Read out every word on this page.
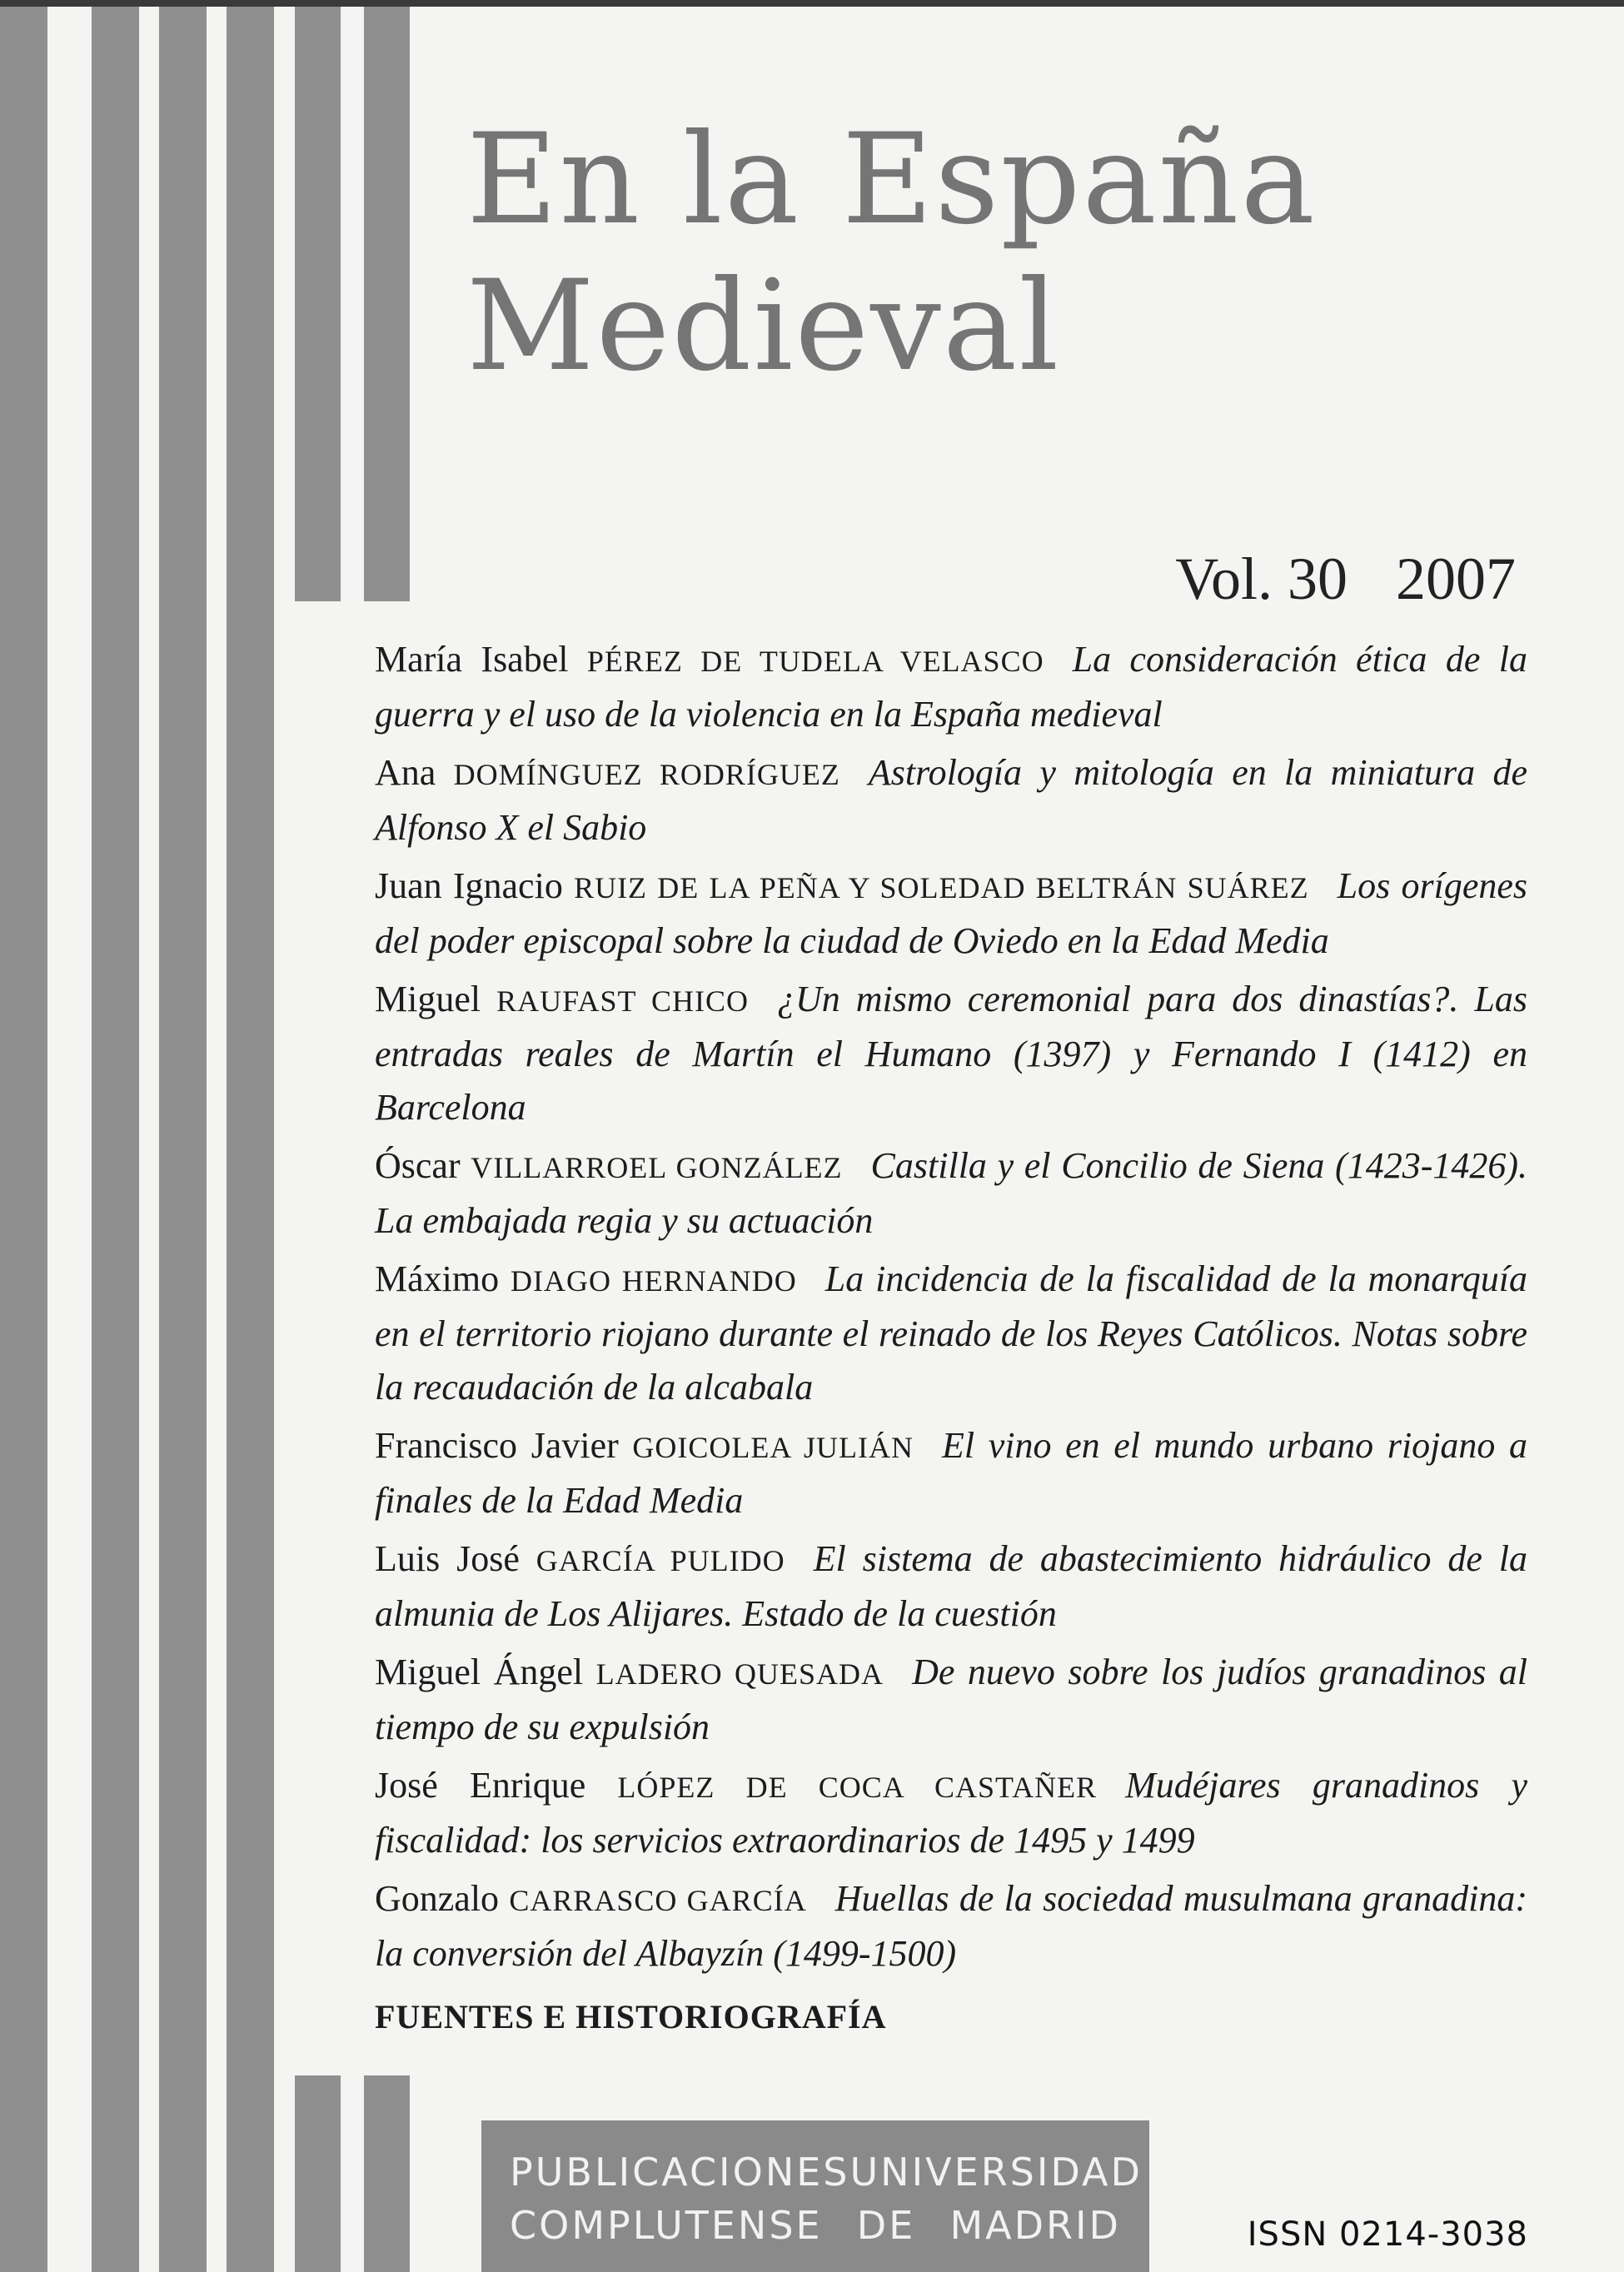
En la España
Medieval
Vol. 30 2007
María Isabel PÉREZ DE TUDELA VELASCO La consideración ética de la guerra y el uso de la violencia en la España medieval
Ana DOMÍNGUEZ RODRÍGUEZ Astrología y mitología en la miniatura de Alfonso X el Sabio
Juan Ignacio RUIZ DE LA PEÑA Y SOLEDAD BELTRÁN SUÁREZ Los orígenes del poder episcopal sobre la ciudad de Oviedo en la Edad Media
Miguel RAUFAST CHICO ¿Un mismo ceremonial para dos dinastías?. Las entradas reales de Martín el Humano (1397) y Fernando I (1412) en Barcelona
Óscar VILLARROEL GONZÁLEZ Castilla y el Concilio de Siena (1423-1426). La embajada regia y su actuación
Máximo DIAGO HERNANDO La incidencia de la fiscalidad de la monarquía en el territorio riojano durante el reinado de los Reyes Católicos. Notas sobre la recaudación de la alcabala
Francisco Javier GOICOLEA JULIÁN El vino en el mundo urbano riojano a finales de la Edad Media
Luis José GARCÍA PULIDO El sistema de abastecimiento hidráulico de la almunia de Los Alijares. Estado de la cuestión
Miguel Ángel LADERO QUESADA De nuevo sobre los judíos granadinos al tiempo de su expulsión
José Enrique LÓPEZ DE COCA CASTAÑER Mudéjares granadinos y fiscalidad: los servicios extraordinarios de 1495 y 1499
Gonzalo CARRASCO GARCÍA Huellas de la sociedad musulmana granadina: la conversión del Albayzín (1499-1500)
FUENTES E HISTORIOGRAFÍA
PUBLICACIONES UNIVERSIDAD
COMPLUTENSE DE MADRID	ISSN 0214-3038
